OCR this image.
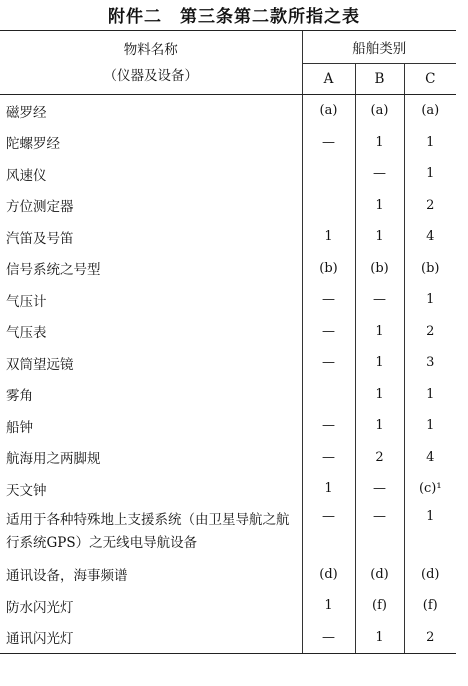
附件二　第三条第二款所指之表
物料名称
（仪器及设备）	船舶类别		
	A	B	C
磁罗经	(a)	(a)	(a)
陀螺罗经	—	1	1
风速仪		—	1
方位测定器		1	2
汽笛及号笛	1	1	4
信号系统之号型	(b)	(b)	(b)
气压计	—	—	1
气压表	—	1	2
双筒望远镜	—	1	3
雾角		1	1
船钟	—	1	1
航海用之两脚规	—	2	4
天文钟	1	—	(c)¹
适用于各种特殊地上支援系统（由卫星导航之航行系统GPS）之无线电导航设备	—	—	1
通讯设备，海事频谱	(d)	(d)	(d)
防水闪光灯	1	(f)	(f)
通讯闪光灯	—	1	2
